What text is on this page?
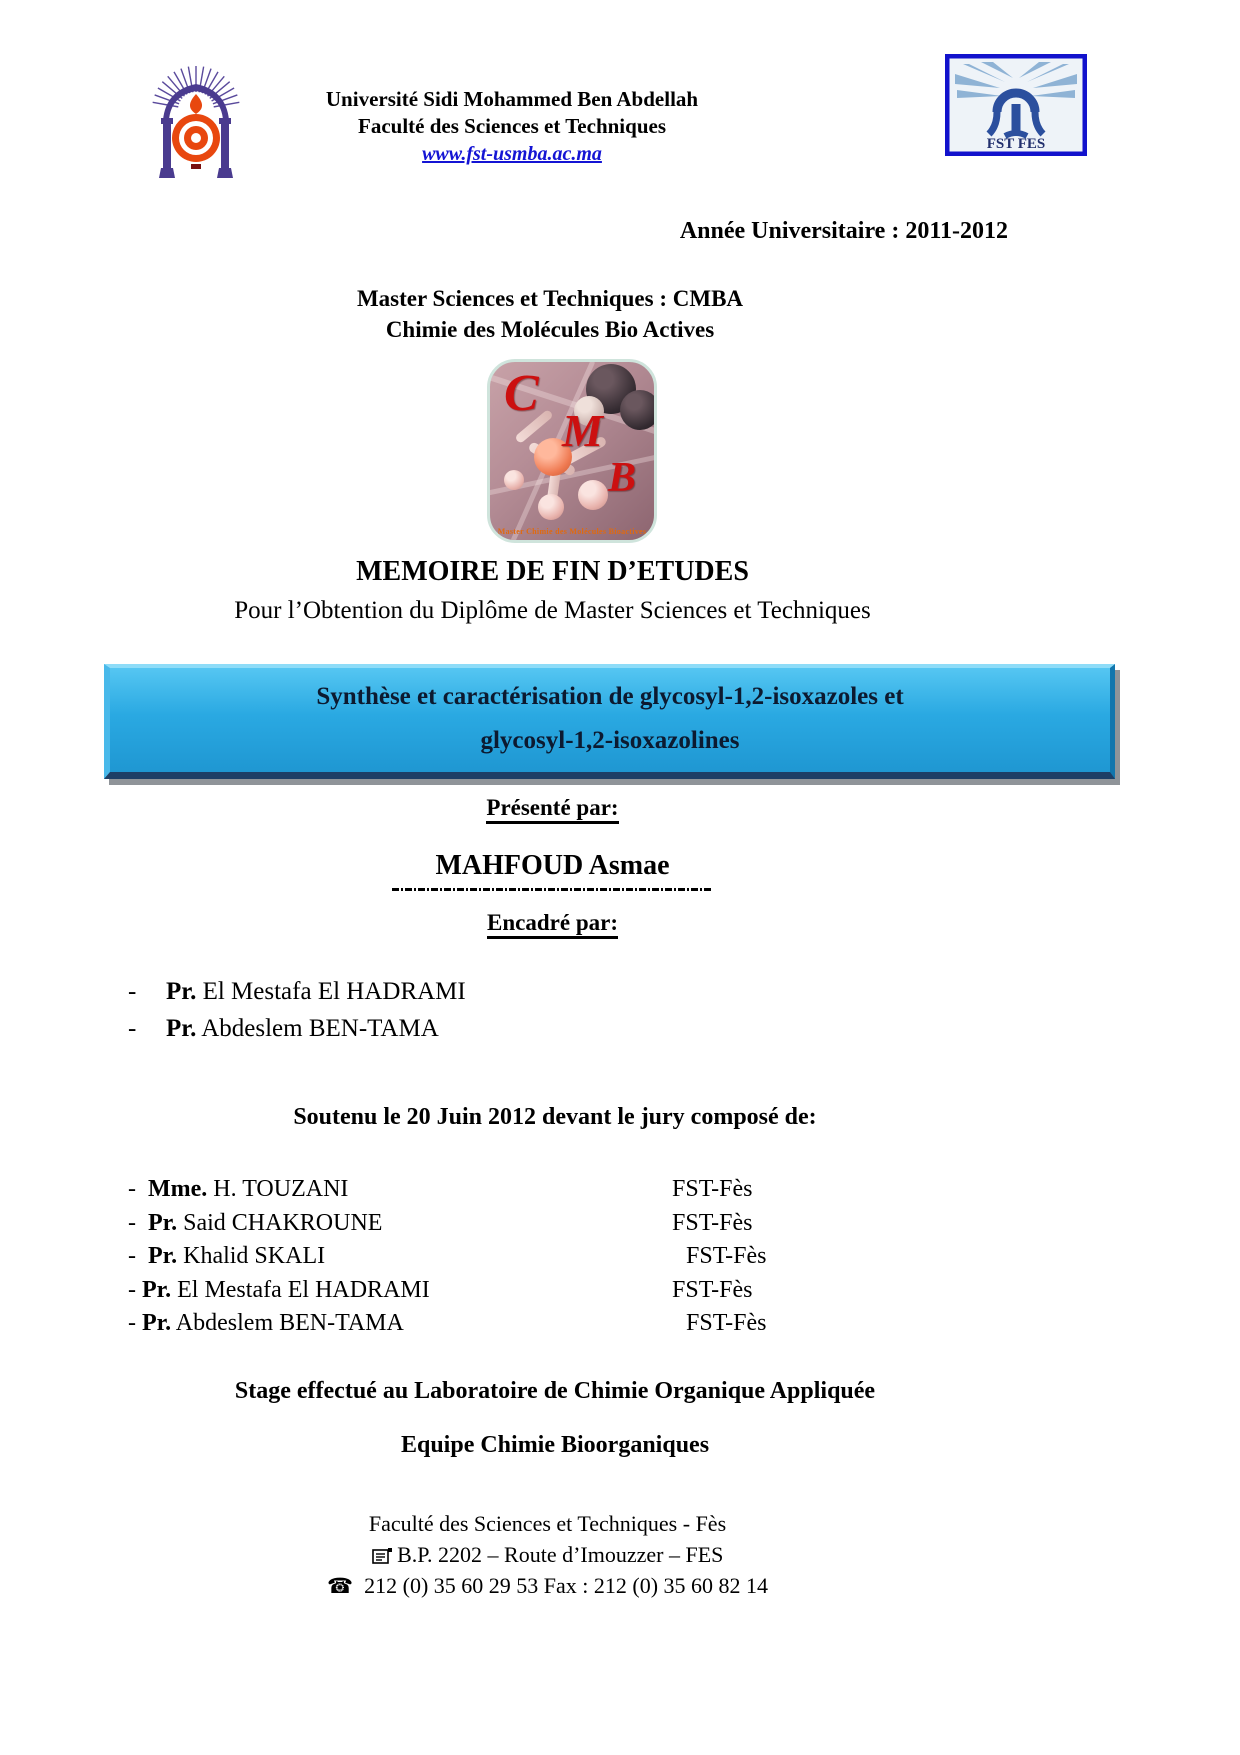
Université Sidi Mohammed Ben Abdellah
Faculté des Sciences et Techniques
www.fst-usmba.ac.ma	FST FES
Année Universitaire : 2011-2012
Master Sciences et Techniques : CMBA
Chimie des Molécules Bio Actives
C
M
B
Master Chimie des Molécules Bioactives
MEMOIRE DE FIN D’ETUDES
Pour l’Obtention du Diplôme de Master Sciences et Techniques
Synthèse et caractérisation de glycosyl-1,2-isoxazoles et
glycosyl-1,2-isoxazolines
Présenté par:
MAHFOUD Asmae
Encadré par:
- Pr. El Mestafa El HADRAMI
- Pr. Abdeslem BEN-TAMA
Soutenu le 20 Juin 2012 devant le jury composé de:
- Mme. H. TOUZANI	FST-Fès
- Pr. Said CHAKROUNE	FST-Fès
- Pr. Khalid SKALI	FST-Fès
- Pr. El Mestafa El HADRAMI	FST-Fès
- Pr. Abdeslem BEN-TAMA	FST-Fès
Stage effectué au Laboratoire de Chimie Organique Appliquée
Equipe Chimie Bioorganiques
Faculté des Sciences et Techniques - Fès
B.P. 2202 – Route d’Imouzzer – FES
☎ 212 (0) 35 60 29 53 Fax : 212 (0) 35 60 82 14
